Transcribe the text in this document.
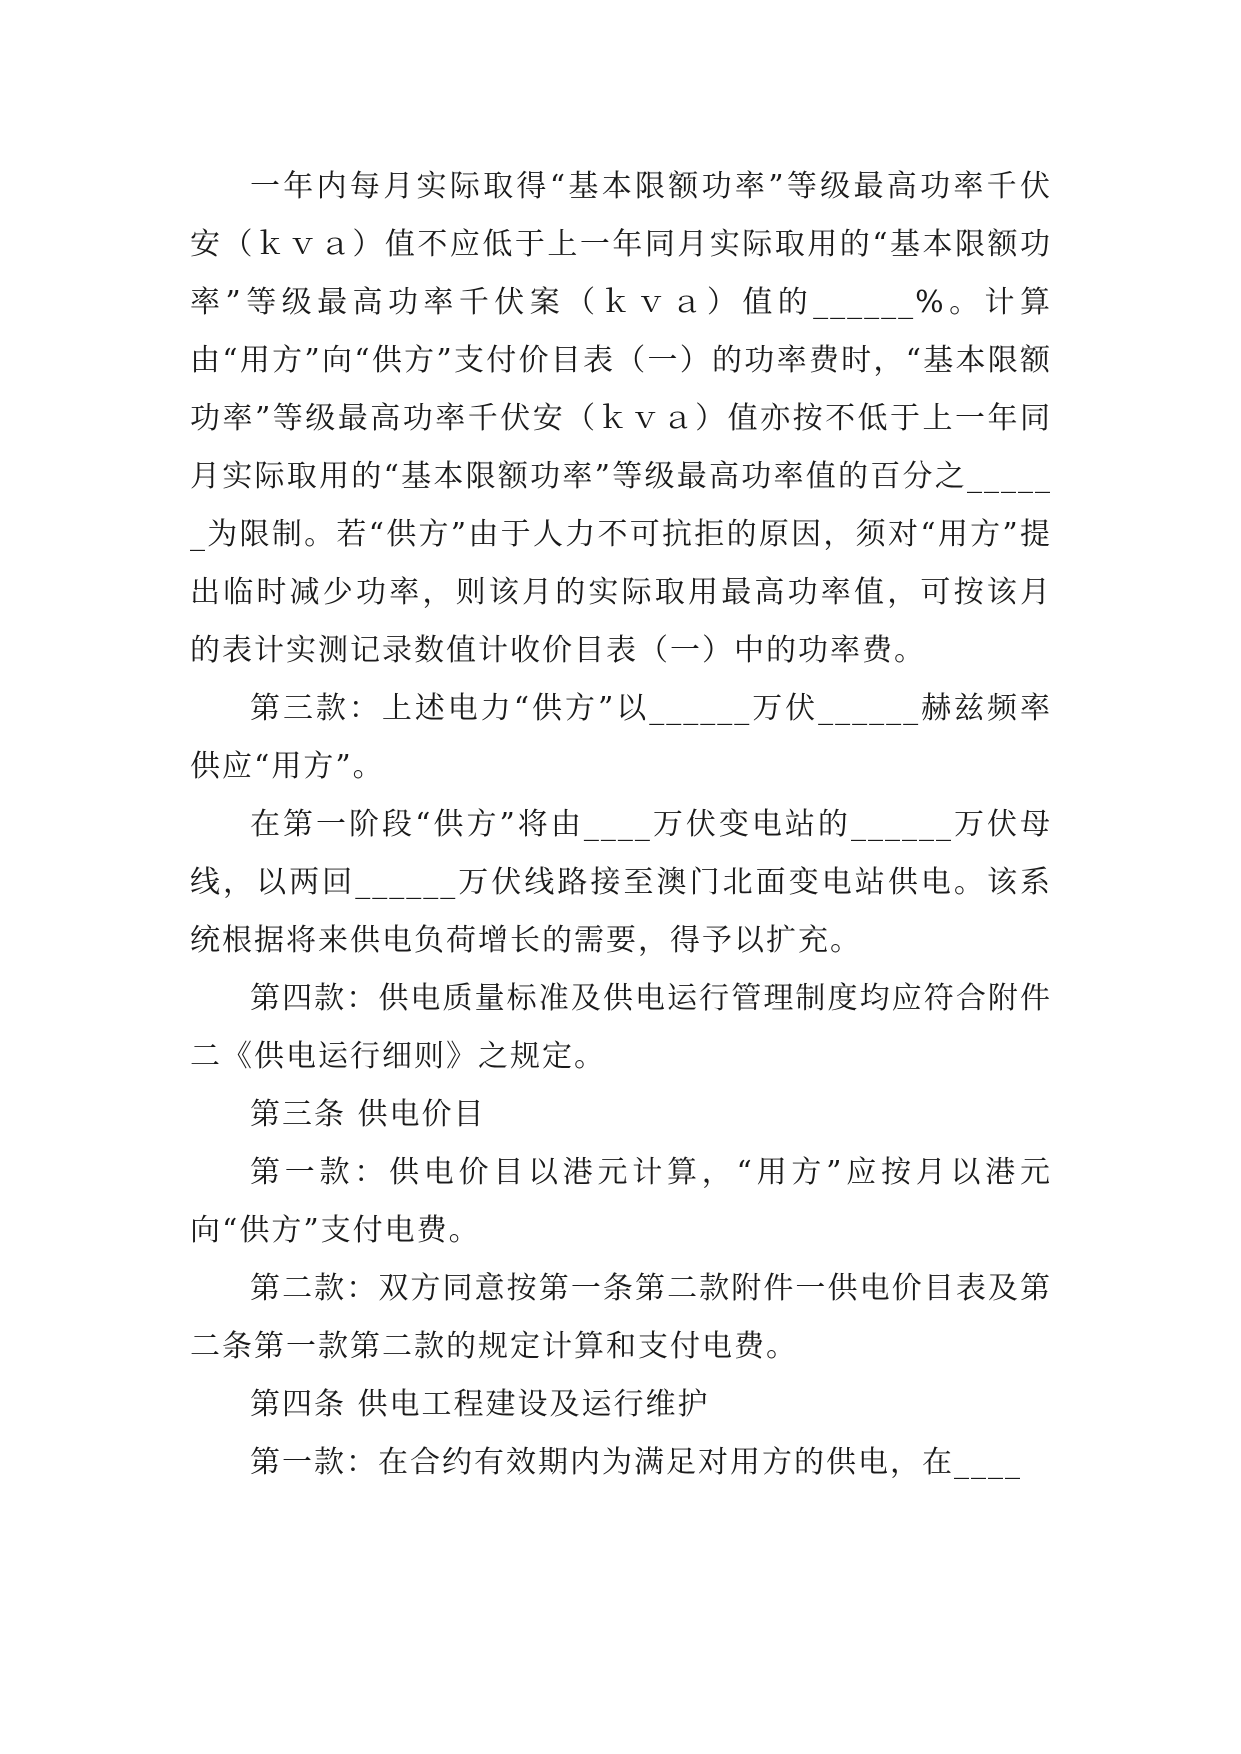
一年内每月实际取得“基本限额功率”等级最高功率千伏安（ｋｖａ）值不应低于上一年同月实际取用的“基本限额功率”等级最高功率千伏案（ｋｖａ）值的______%。计算由“用方”向“供方”支付价目表（一）的功率费时，“基本限额功率”等级最高功率千伏安（ｋｖａ）值亦按不低于上一年同月实际取用的“基本限额功率”等级最高功率值的百分之______为限制。若“供方”由于人力不可抗拒的原因，须对“用方”提出临时减少功率，则该月的实际取用最高功率值，可按该月的表计实测记录数值计收价目表（一）中的功率费。

第三款：上述电力“供方”以______万伏______赫兹频率供应“用方”。

在第一阶段“供方”将由____万伏变电站的______万伏母线，以两回______万伏线路接至澳门北面变电站供电。该系统根据将来供电负荷增长的需要，得予以扩充。

第四款：供电质量标准及供电运行管理制度均应符合附件二《供电运行细则》之规定。

第三条 供电价目

第一款：供电价目以港元计算，“用方”应按月以港元向“供方”支付电费。

第二款：双方同意按第一条第二款附件一供电价目表及第二条第一款第二款的规定计算和支付电费。

第四条 供电工程建设及运行维护

第一款：在合约有效期内为满足对用方的供电，在____
